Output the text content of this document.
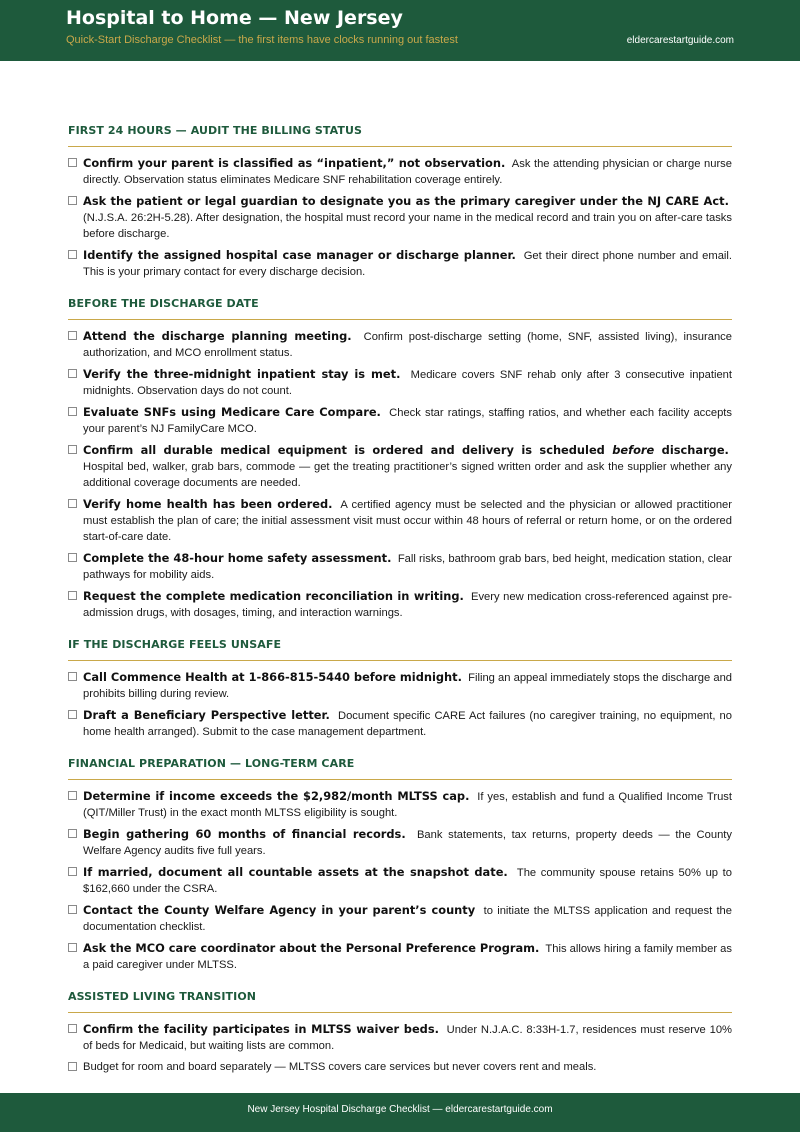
Hospital to Home — New Jersey
Quick-Start Discharge Checklist — the first items have clocks running out fastest	eldercarestartguide.com
FIRST 24 HOURS — AUDIT THE BILLING STATUS
Confirm your parent is classified as “inpatient,” not observation. Ask the attending physician or charge nurse directly. Observation status eliminates Medicare SNF rehabilitation coverage entirely.
Ask the patient or legal guardian to designate you as the primary caregiver under the NJ CARE Act.  (N.J.S.A. 26:2H-5.28). After designation, the hospital must record your name in the medical record and train you on after-care tasks before discharge.
Identify the assigned hospital case manager or discharge planner. Get their direct phone number and email. This is your primary contact for every discharge decision.
BEFORE THE DISCHARGE DATE
Attend the discharge planning meeting. Confirm post-discharge setting (home, SNF, assisted living), insurance authorization, and MCO enrollment status.
Verify the three-midnight inpatient stay is met. Medicare covers SNF rehab only after 3 consecutive inpatient midnights. Observation days do not count.
Evaluate SNFs using Medicare Care Compare. Check star ratings, staffing ratios, and whether each facility accepts your parent’s NJ FamilyCare MCO.
Confirm all durable medical equipment is ordered and delivery is scheduled before discharge.  Hospital bed, walker, grab bars, commode — get the treating practitioner’s signed written order and ask the supplier whether any additional coverage documents are needed.
Verify home health has been ordered. A certified agency must be selected and the physician or allowed practitioner must establish the plan of care; the initial assessment visit must occur within 48 hours of referral or return home, or on the ordered start-of-care date.
Complete the 48-hour home safety assessment. Fall risks, bathroom grab bars, bed height, medication station, clear pathways for mobility aids.
Request the complete medication reconciliation in writing. Every new medication cross-referenced against pre-admission drugs, with dosages, timing, and interaction warnings.
IF THE DISCHARGE FEELS UNSAFE
Call Commence Health at 1-866-815-5440 before midnight. Filing an appeal immediately stops the discharge and prohibits billing during review.
Draft a Beneficiary Perspective letter. Document specific CARE Act failures (no caregiver training, no equipment, no home health arranged). Submit to the case management department.
FINANCIAL PREPARATION — LONG-TERM CARE
Determine if income exceeds the $2,982/month MLTSS cap. If yes, establish and fund a Qualified Income Trust (QIT/Miller Trust) in the exact month MLTSS eligibility is sought.
Begin gathering 60 months of financial records. Bank statements, tax returns, property deeds — the County Welfare Agency audits five full years.
If married, document all countable assets at the snapshot date. The community spouse retains 50% up to $162,660 under the CSRA.
Contact the County Welfare Agency in your parent’s county to initiate the MLTSS application and request the documentation checklist.
Ask the MCO care coordinator about the Personal Preference Program. This allows hiring a family member as a paid caregiver under MLTSS.
ASSISTED LIVING TRANSITION
Confirm the facility participates in MLTSS waiver beds. Under N.J.A.C. 8:33H-1.7, residences must reserve 10% of beds for Medicaid, but waiting lists are common.
Budget for room and board separately — MLTSS covers care services but never covers rent and meals.
New Jersey Hospital Discharge Checklist — eldercarestartguide.com
